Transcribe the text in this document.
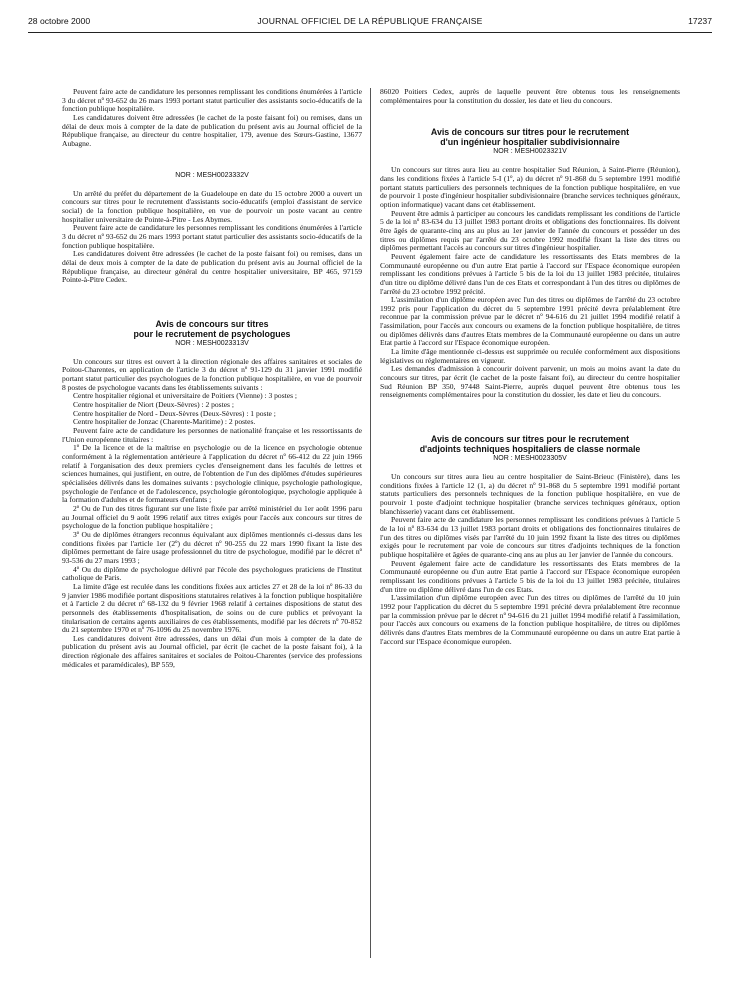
28 octobre 2000	JOURNAL OFFICIEL DE LA RÉPUBLIQUE FRANÇAISE	17237

Peuvent faire acte de candidature les personnes remplissant les conditions énumérées à l'article 3 du décret nº 93-652 du 26 mars 1993 portant statut particulier des assistants socio-éducatifs de la fonction publique hospitalière.

Les candidatures doivent être adressées (le cachet de la poste faisant foi) ou remises, dans un délai de deux mois à compter de la date de publication du présent avis au Journal officiel de la République française, au directeur du centre hospitalier, 179, avenue des Sœurs-Gastine, 13677 Aubagne.

NOR : MESH0023332V

Un arrêté du préfet du département de la Guadeloupe en date du 15 octobre 2000 a ouvert un concours sur titres pour le recrutement d'assistants socio-éducatifs (emploi d'assistant de service social) de la fonction publique hospitalière, en vue de pourvoir un poste vacant au centre hospitalier universitaire de Pointe-à-Pitre - Les Abymes.

Peuvent faire acte de candidature les personnes remplissant les conditions énumérées à l'article 3 du décret nº 93-652 du 26 mars 1993 portant statut particulier des assistants socio-éducatifs de la fonction publique hospitalière.

Les candidatures doivent être adressées (le cachet de la poste faisant foi) ou remises, dans un délai de deux mois à compter de la date de publication du présent avis au Journal officiel de la République française, au directeur général du centre hospitalier universitaire, BP 465, 97159 Pointe-à-Pitre Cedex.

Avis de concours sur titres
pour le recrutement de psychologues

NOR : MESH0023313V

Un concours sur titres est ouvert à la direction régionale des affaires sanitaires et sociales de Poitou-Charentes, en application de l'article 3 du décret nº 91-129 du 31 janvier 1991 modifié portant statut particulier des psychologues de la fonction publique hospitalière, en vue de pourvoir 8 postes de psychologue vacants dans les établissements suivants :

Centre hospitalier régional et universitaire de Poitiers (Vienne) : 3 postes ;

Centre hospitalier de Niort (Deux-Sèvres) : 2 postes ;

Centre hospitalier de Nord - Deux-Sèvres (Deux-Sèvres) : 1 poste ;

Centre hospitalier de Jonzac (Charente-Maritime) : 2 postes.

Peuvent faire acte de candidature les personnes de nationalité française et les ressortissants de l'Union européenne titulaires :

1º De la licence et de la maîtrise en psychologie ou de la licence en psychologie obtenue conformément à la réglementation antérieure à l'application du décret nº 66-412 du 22 juin 1966 relatif à l'organisation des deux premiers cycles d'enseignement dans les facultés de lettres et sciences humaines, qui justifient, en outre, de l'obtention de l'un des diplômes d'études supérieures spécialisées délivrés dans les domaines suivants : psychologie clinique, psychologie pathologique, psychologie de l'enfance et de l'adolescence, psychologie gérontologique, psychologie appliquée à la formation d'adultes et de formateurs d'enfants ;

2º Ou de l'un des titres figurant sur une liste fixée par arrêté ministériel du 1er août 1996 paru au Journal officiel du 9 août 1996 relatif aux titres exigés pour l'accès aux concours sur titres de psychologue de la fonction publique hospitalière ;

3º Ou de diplômes étrangers reconnus équivalant aux diplômes mentionnés ci-dessus dans les conditions fixées par l'article 1er (2º) du décret nº 90-255 du 22 mars 1990 fixant la liste des diplômes permettant de faire usage professionnel du titre de psychologue, modifié par le décret nº 93-536 du 27 mars 1993 ;

4º Ou du diplôme de psychologue délivré par l'école des psychologues praticiens de l'Institut catholique de Paris.

La limite d'âge est reculée dans les conditions fixées aux articles 27 et 28 de la loi nº 86-33 du 9 janvier 1986 modifiée portant dispositions statutaires relatives à la fonction publique hospitalière et à l'article 2 du décret nº 68-132 du 9 février 1968 relatif à certaines dispositions de statut des personnels des établissements d'hospitalisation, de soins ou de cure publics et prévoyant la titularisation de certains agents auxiliaires de ces établissements, modifié par les décrets nº 70-852 du 21 septembre 1970 et nº 76-1096 du 25 novembre 1976.

Les candidatures doivent être adressées, dans un délai d'un mois à compter de la date de publication du présent avis au Journal officiel, par écrit (le cachet de la poste faisant foi), à la direction régionale des affaires sanitaires et sociales de Poitou-Charentes (service des professions médicales et paramédicales), BP 559,

86020 Poitiers Cedex, auprès de laquelle peuvent être obtenus tous les renseignements complémentaires pour la constitution du dossier, les date et lieu du concours.

Avis de concours sur titres pour le recrutement
d'un ingénieur hospitalier subdivisionnaire

NOR : MESH0023321V

Un concours sur titres aura lieu au centre hospitalier Sud Réunion, à Saint-Pierre (Réunion), dans les conditions fixées à l'article 5-I (1º, a) du décret nº 91-868 du 5 septembre 1991 modifié portant statuts particuliers des personnels techniques de la fonction publique hospitalière, en vue de pourvoir 1 poste d'ingénieur hospitalier subdivisionnaire (branche services techniques généraux, option informatique) vacant dans cet établissement.

Peuvent être admis à participer au concours les candidats remplissant les conditions de l'article 5 de la loi nº 83-634 du 13 juillet 1983 portant droits et obligations des fonctionnaires. Ils doivent être âgés de quarante-cinq ans au plus au 1er janvier de l'année du concours et posséder un des titres ou diplômes requis par l'arrêté du 23 octobre 1992 modifié fixant la liste des titres ou diplômes permettant l'accès au concours sur titres d'ingénieur hospitalier.

Peuvent également faire acte de candidature les ressortissants des Etats membres de la Communauté européenne ou d'un autre Etat partie à l'accord sur l'Espace économique européen remplissant les conditions prévues à l'article 5 bis de la loi du 13 juillet 1983 précitée, titulaires d'un titre ou diplôme délivré dans l'un de ces Etats et correspondant à l'un des titres ou diplômes de l'arrêté du 23 octobre 1992 précité.

L'assimilation d'un diplôme européen avec l'un des titres ou diplômes de l'arrêté du 23 octobre 1992 pris pour l'application du décret du 5 septembre 1991 précité devra préalablement être reconnue par la commission prévue par le décret nº 94-616 du 21 juillet 1994 modifié relatif à l'assimilation, pour l'accès aux concours ou examens de la fonction publique hospitalière, de titres ou diplômes délivrés dans d'autres Etats membres de la Communauté européenne ou dans un autre Etat partie à l'accord sur l'Espace économique européen.

La limite d'âge mentionnée ci-dessus est supprimée ou reculée conformément aux dispositions législatives ou réglementaires en vigueur.

Les demandes d'admission à concourir doivent parvenir, un mois au moins avant la date du concours sur titres, par écrit (le cachet de la poste faisant foi), au directeur du centre hospitalier Sud Réunion BP 350, 97448 Saint-Pierre, auprès duquel peuvent être obtenus tous les renseignements complémentaires pour la constitution du dossier, les date et lieu du concours.

Avis de concours sur titres pour le recrutement
d'adjoints techniques hospitaliers de classe normale

NOR : MESH0023305V

Un concours sur titres aura lieu au centre hospitalier de Saint-Brieuc (Finistère), dans les conditions fixées à l'article 12 (1, a) du décret nº 91-868 du 5 septembre 1991 modifié portant statuts particuliers des personnels techniques de la fonction publique hospitalière, en vue de pourvoir 1 poste d'adjoint technique hospitalier (branche services techniques généraux, option blanchisserie) vacant dans cet établissement.

Peuvent faire acte de candidature les personnes remplissant les conditions prévues à l'article 5 de la loi nº 83-634 du 13 juillet 1983 portant droits et obligations des fonctionnaires titulaires de l'un des titres ou diplômes visés par l'arrêté du 10 juin 1992 fixant la liste des titres ou diplômes exigés pour le recrutement par voie de concours sur titres d'adjoints techniques de la fonction publique hospitalière et âgées de quarante-cinq ans au plus au 1er janvier de l'année du concours.

Peuvent également faire acte de candidature les ressortissants des Etats membres de la Communauté européenne ou d'un autre Etat partie à l'accord sur l'Espace économique européen remplissant les conditions prévues à l'article 5 bis de la loi du 13 juillet 1983 précitée, titulaires d'un titre ou diplôme délivré dans l'un de ces Etats.

L'assimilation d'un diplôme européen avec l'un des titres ou diplômes de l'arrêté du 10 juin 1992 pour l'application du décret du 5 septembre 1991 précité devra préalablement être reconnue par la commission prévue par le décret nº 94-616 du 21 juillet 1994 modifié relatif à l'assimilation, pour l'accès aux concours ou examens de la fonction publique hospitalière, de titres ou diplômes délivrés dans d'autres Etats membres de la Communauté européenne ou dans un autre Etat partie à l'accord sur l'Espace économique européen.
